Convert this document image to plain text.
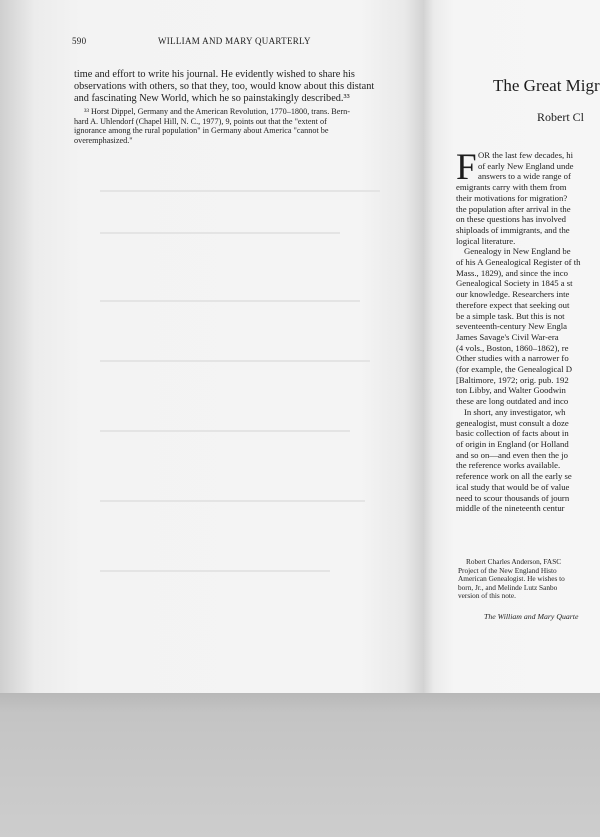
590	WILLIAM AND MARY QUARTERLY
time and effort to write his journal. He evidently wished to share his
observations with others, so that they, too, would know about this distant
and fascinating New World, which he so painstakingly described.³³
³³ Horst Dippel, Germany and the American Revolution, 1770–1800, trans. Bern-
hard A. Uhlendorf (Chapel Hill, N. C., 1977), 9, points out that the "extent of
ignorance among the rural population" in Germany about America "cannot be
overemphasized."
The Great Migr
Robert Cl
F OR the last few decades, hi
of early New England unde
answers to a wide range of
emigrants carry with them from
their motivations for migration?
the population after arrival in the
on these questions has involved
shiploads of immigrants, and the
logical literature.
Genealogy in New England be
of his A Genealogical Register of th
Mass., 1829), and since the inco
Genealogical Society in 1845 a st
our knowledge. Researchers inte
therefore expect that seeking out
be a simple task. But this is not
seventeenth-century New Engla
James Savage's Civil War-era
(4 vols., Boston, 1860–1862), re
Other studies with a narrower fo
(for example, the Genealogical D
[Baltimore, 1972; orig. pub. 192
ton Libby, and Walter Goodwin
these are long outdated and inco
In short, any investigator, wh
genealogist, must consult a doze
basic collection of facts about in
of origin in England (or Holland
and so on—and even then the jo
the reference works available.
reference work on all the early se
ical study that would be of value
need to scour thousands of journ
middle of the nineteenth centur
Robert Charles Anderson, FASC
Project of the New England Histo
American Genealogist. He wishes to
born, Jr., and Melinde Lutz Sanbo
version of this note.
The William and Mary Quarte
